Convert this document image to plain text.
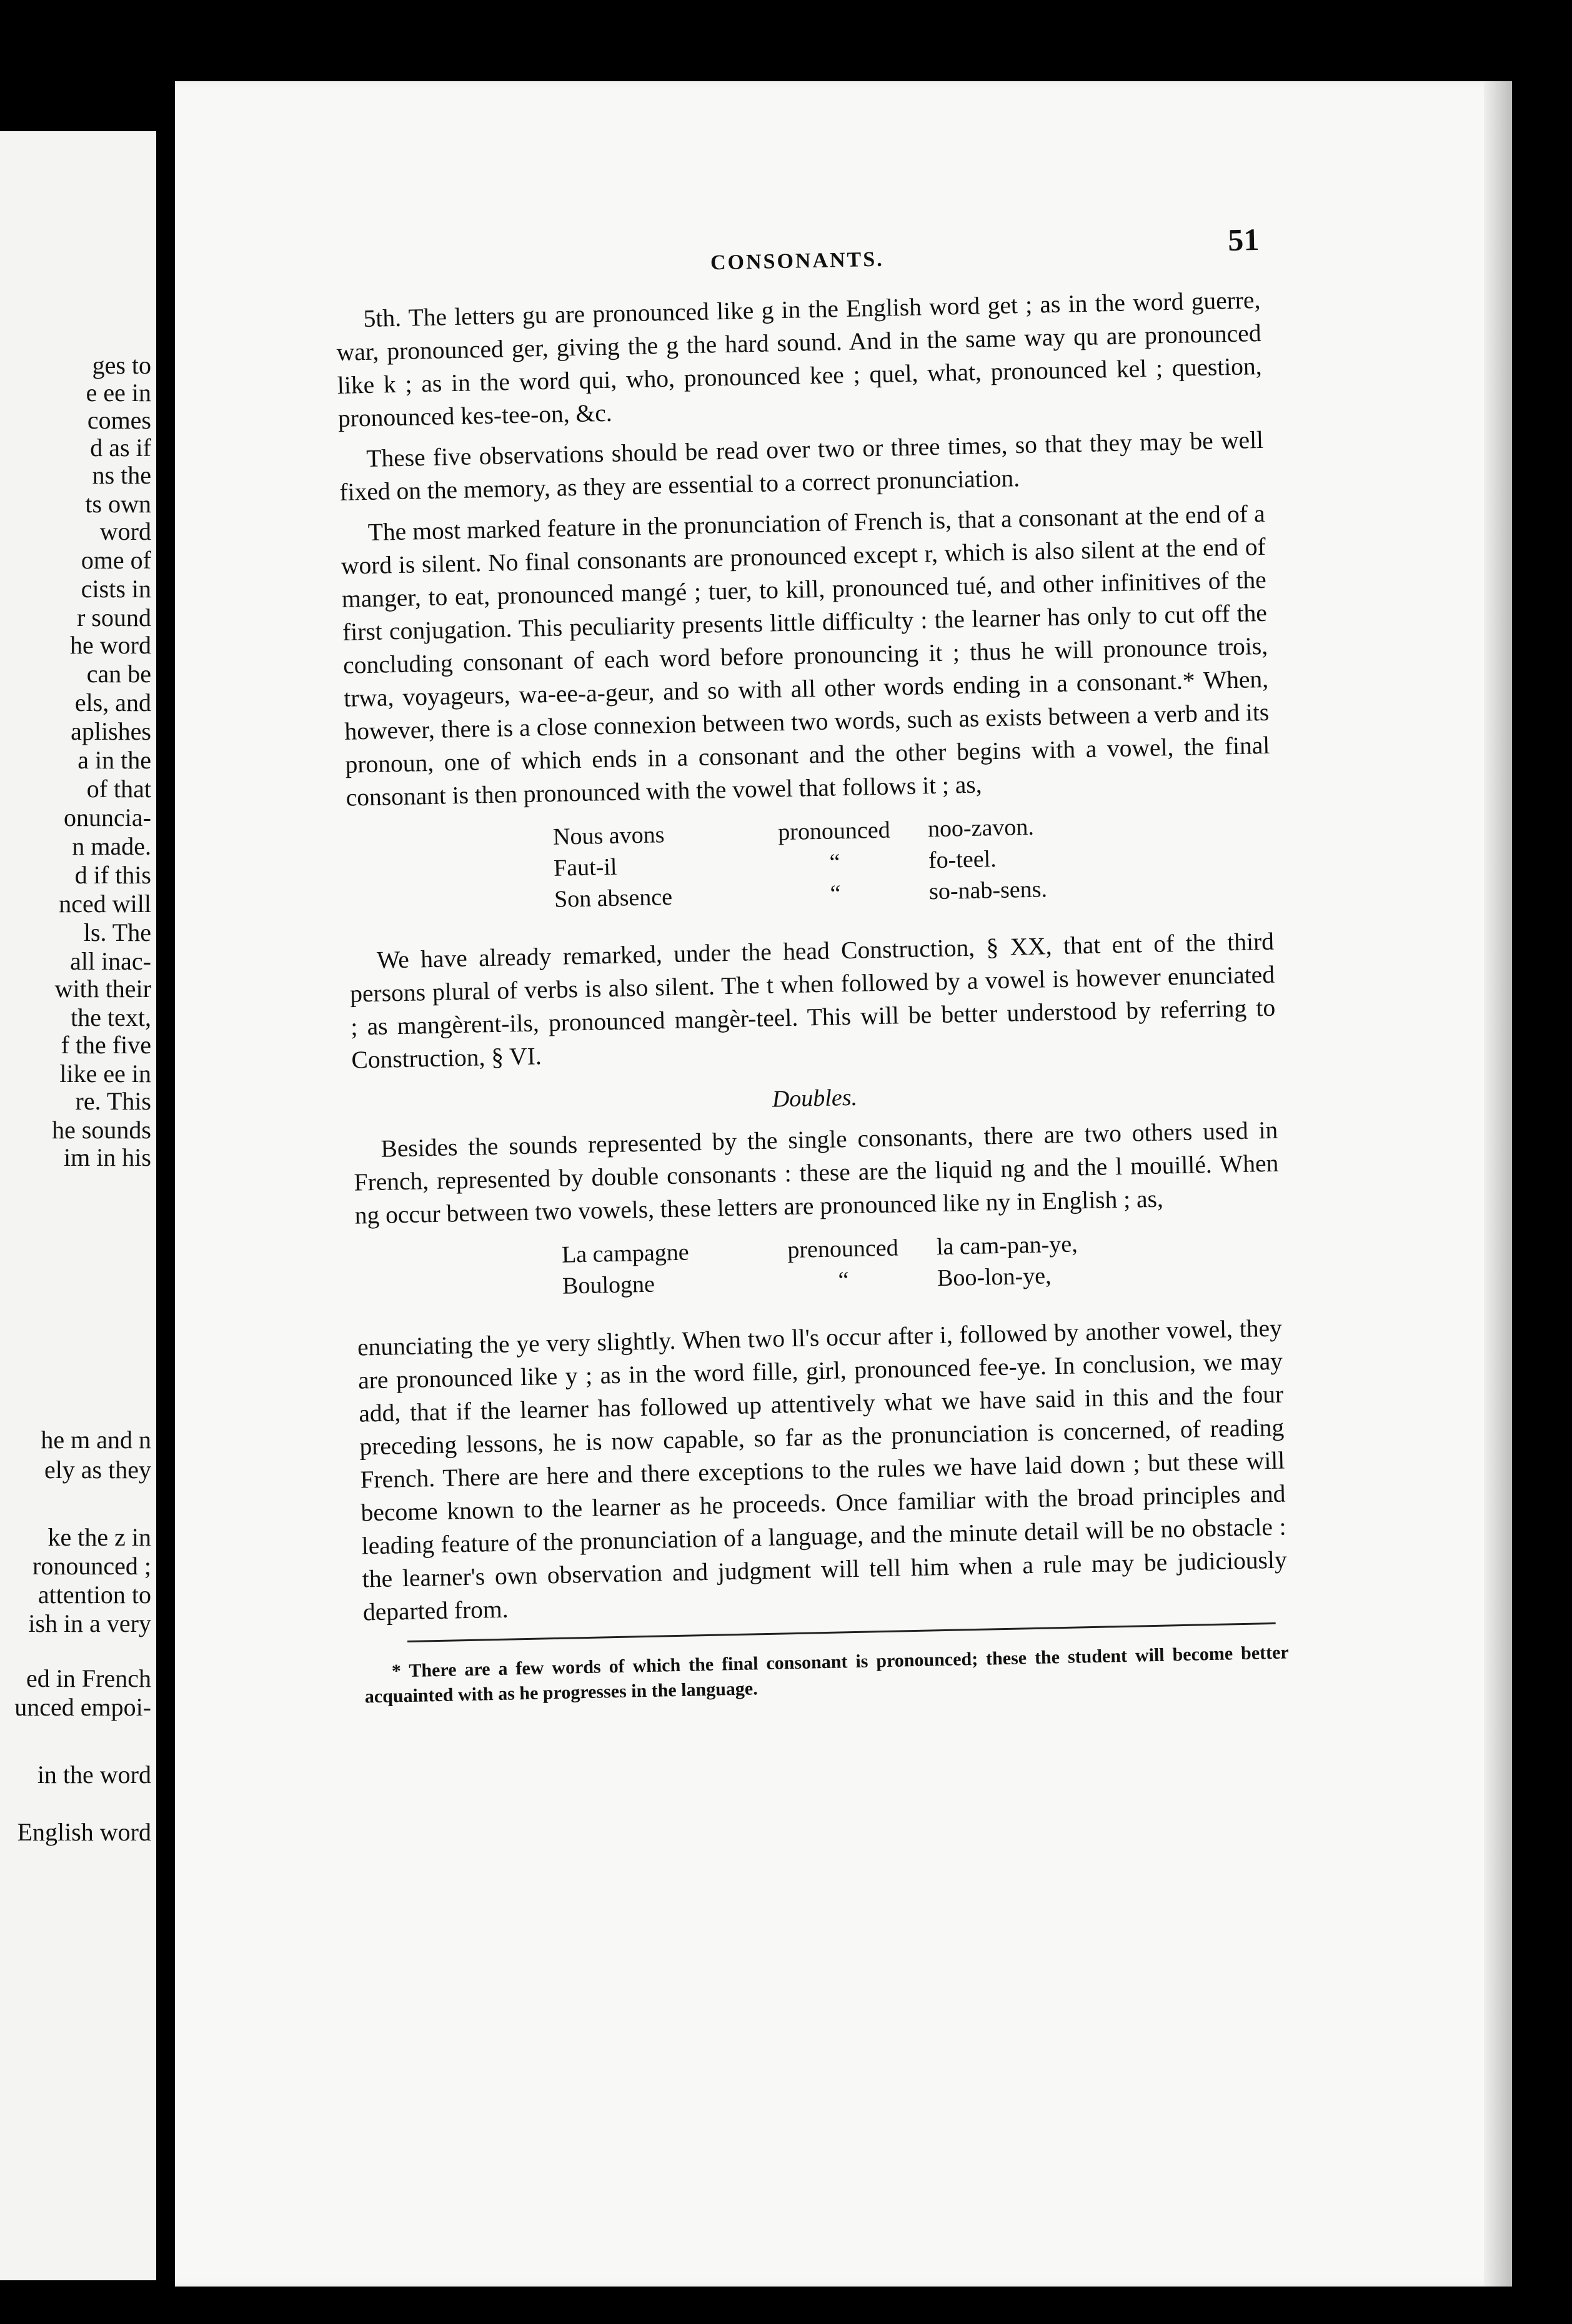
ges to
e ee in
comes
d as if
ns the
ts own
word
ome of
cists in
r sound
he word
can be
els, and
aplishes
a in the
of that
onuncia-
n made.
d if this
nced will
ls. The
all inac-
with their
the text,
f the five
like ee in
re. This
he sounds
im in his
he m and n
ely as they
ke the z in
ronounced ;
attention to
ish in a very
ed in French
unced empoi-
in the word
English word
CONSONANTS.
51

5th. The letters gu are pronounced like g in the English word get ; as in the word guerre, war, pronounced ger, giving the g the hard sound. And in the same way qu are pronounced like k ; as in the word qui, who, pronounced kee ; quel, what, pronounced kel ; question, pronounced kes-tee-on, &c.

These five observations should be read over two or three times, so that they may be well fixed on the memory, as they are essential to a correct pronunciation.

The most marked feature in the pronunciation of French is, that a consonant at the end of a word is silent. No final consonants are pronounced except r, which is also silent at the end of manger, to eat, pronounced mangé ; tuer, to kill, pronounced tué, and other infinitives of the first conjugation. This peculiarity presents little difficulty : the learner has only to cut off the concluding consonant of each word before pronouncing it ; thus he will pronounce trois, trwa, voyageurs, wa-ee-a-geur, and so with all other words ending in a consonant.* When, however, there is a close connexion between two words, such as exists between a verb and its pronoun, one of which ends in a consonant and the other begins with a vowel, the final consonant is then pronounced with the vowel that follows it ; as,

Nous avons	pronounced	noo-zavon.
Faut-il	“	fo-teel.
Son absence	“	so-nab-sens.

We have already remarked, under the head Construction, § XX, that ent of the third persons plural of verbs is also silent. The t when followed by a vowel is however enunciated ; as mangèrent-ils, pronounced mangèr-teel. This will be better understood by referring to Construction, § VI.

Doubles.

Besides the sounds represented by the single consonants, there are two others used in French, represented by double consonants : these are the liquid ng and the l mouillé. When ng occur between two vowels, these letters are pronounced like ny in English ; as,

La campagne	prenounced	la cam-pan-ye,
Boulogne	“	Boo-lon-ye,

enunciating the ye very slightly. When two ll's occur after i, followed by another vowel, they are pronounced like y ; as in the word fille, girl, pronounced fee-ye. In conclusion, we may add, that if the learner has followed up attentively what we have said in this and the four preceding lessons, he is now capable, so far as the pronunciation is concerned, of reading French. There are here and there exceptions to the rules we have laid down ; but these will become known to the learner as he proceeds. Once familiar with the broad principles and leading feature of the pronunciation of a language, and the minute detail will be no obstacle : the learner's own observation and judgment will tell him when a rule may be judiciously departed from.

* There are a few words of which the final consonant is pronounced; these the student will become better acquainted with as he progresses in the language.
